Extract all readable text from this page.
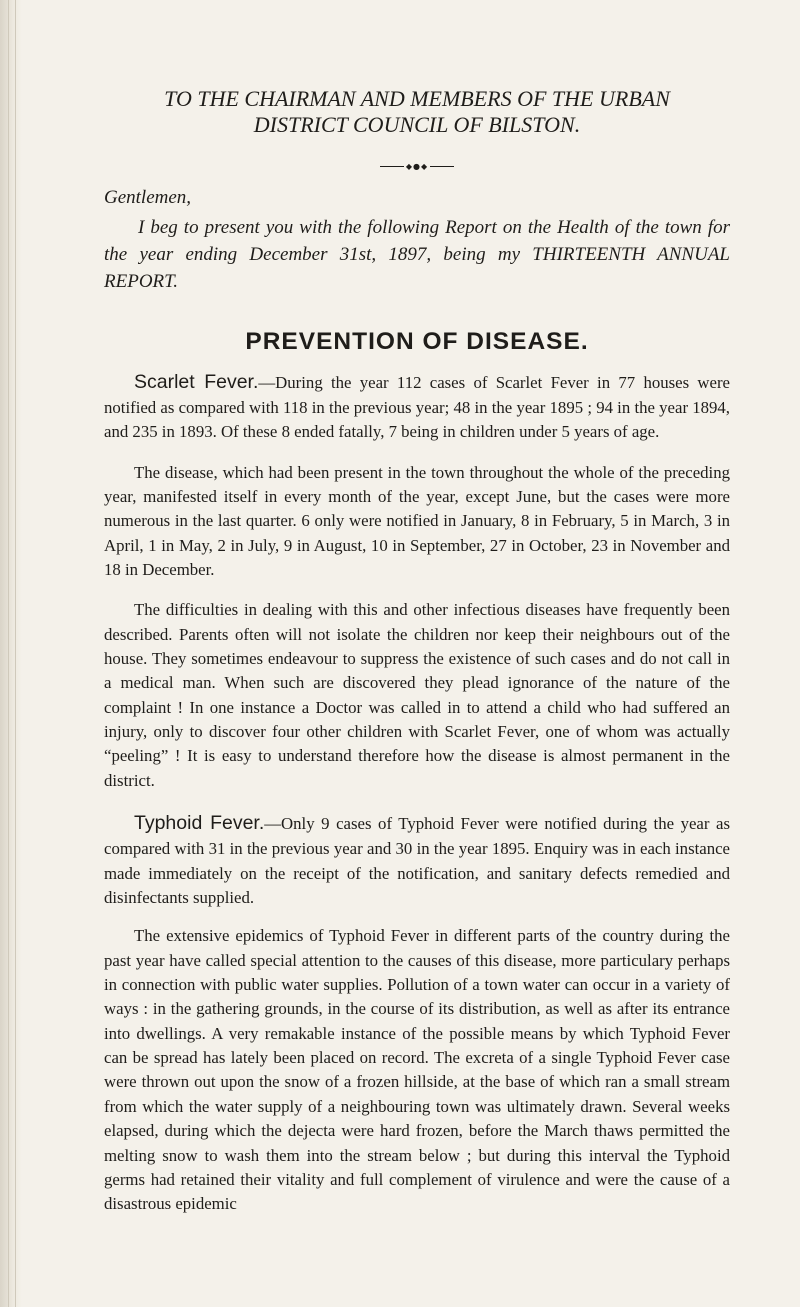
TO THE CHAIRMAN AND MEMBERS OF THE URBAN

DISTRICT COUNCIL OF BILSTON.

◆●◆

Gentlemen,

I beg to present you with the following Report on the Health of the town for the year ending December 31st, 1897, being my THIRTEENTH ANNUAL REPORT.

PREVENTION OF DISEASE.

Scarlet Fever.—During the year 112 cases of Scarlet Fever in 77 houses were notified as compared with 118 in the previous year; 48 in the year 1895 ; 94 in the year 1894, and 235 in 1893. Of these 8 ended fatally, 7 being in children under 5 years of age.

The disease, which had been present in the town throughout the whole of the preceding year, manifested itself in every month of the year, except June, but the cases were more numerous in the last quarter. 6 only were notified in January, 8 in February, 5 in March, 3 in April, 1 in May, 2 in July, 9 in August, 10 in September, 27 in October, 23 in November and 18 in December.

The difficulties in dealing with this and other infectious diseases have frequently been described. Parents often will not isolate the children nor keep their neighbours out of the house. They sometimes endeavour to suppress the existence of such cases and do not call in a medical man. When such are discovered they plead ignorance of the nature of the complaint ! In one instance a Doctor was called in to attend a child who had suffered an injury, only to discover four other children with Scarlet Fever, one of whom was actually “peeling” ! It is easy to understand therefore how the disease is almost permanent in the district.

Typhoid Fever.—Only 9 cases of Typhoid Fever were notified during the year as compared with 31 in the previous year and 30 in the year 1895. Enquiry was in each instance made immediately on the receipt of the notification, and sanitary defects remedied and disinfectants supplied.

The extensive epidemics of Typhoid Fever in different parts of the country during the past year have called special attention to the causes of this disease, more particulary perhaps in connection with public water supplies. Pollution of a town water can occur in a variety of ways : in the gathering grounds, in the course of its distribution, as well as after its entrance into dwellings. A very remakable instance of the possible means by which Typhoid Fever can be spread has lately been placed on record. The excreta of a single Typhoid Fever case were thrown out upon the snow of a frozen hillside, at the base of which ran a small stream from which the water supply of a neighbouring town was ultimately drawn. Several weeks elapsed, during which the dejecta were hard frozen, before the March thaws permitted the melting snow to wash them into the stream below ; but during this interval the Typhoid germs had retained their vitality and full complement of virulence and were the cause of a disastrous epidemic
